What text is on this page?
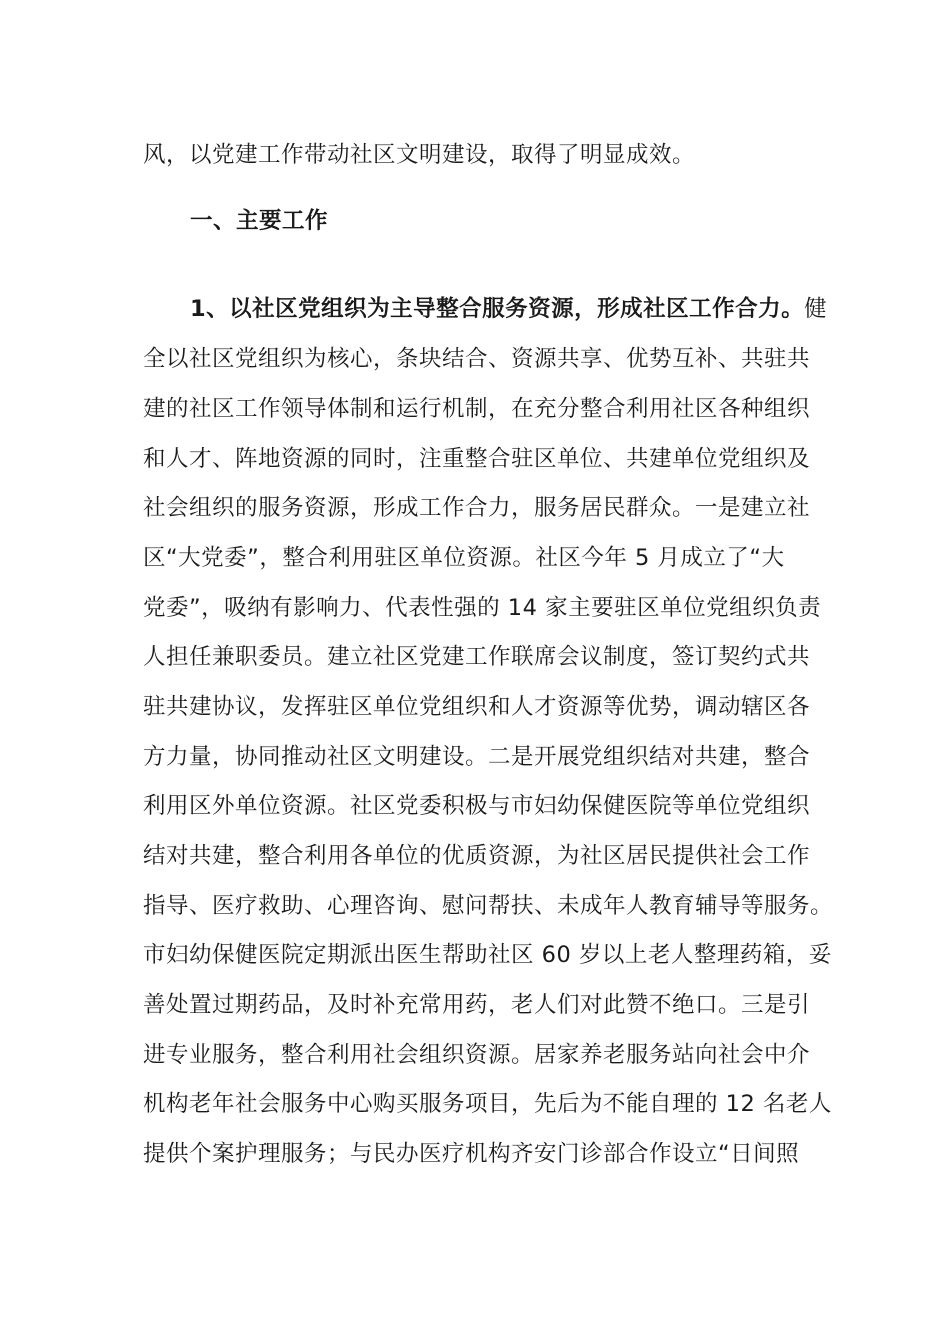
风，以党建工作带动社区文明建设，取得了明显成效。
一、主要工作
1、以社区党组织为主导整合服务资源，形成社区工作合力。健
全以社区党组织为核心，条块结合、资源共享、优势互补、共驻共
建的社区工作领导体制和运行机制，在充分整合利用社区各种组织
和人才、阵地资源的同时，注重整合驻区单位、共建单位党组织及
社会组织的服务资源，形成工作合力，服务居民群众。一是建立社
区“大党委”，整合利用驻区单位资源。社区今年 5 月成立了“大
党委”，吸纳有影响力、代表性强的 14 家主要驻区单位党组织负责
人担任兼职委员。建立社区党建工作联席会议制度，签订契约式共
驻共建协议，发挥驻区单位党组织和人才资源等优势，调动辖区各
方力量，协同推动社区文明建设。二是开展党组织结对共建，整合
利用区外单位资源。社区党委积极与市妇幼保健医院等单位党组织
结对共建，整合利用各单位的优质资源，为社区居民提供社会工作
指导、医疗救助、心理咨询、慰问帮扶、未成年人教育辅导等服务。
市妇幼保健医院定期派出医生帮助社区 60 岁以上老人整理药箱，妥
善处置过期药品，及时补充常用药，老人们对此赞不绝口。三是引
进专业服务，整合利用社会组织资源。居家养老服务站向社会中介
机构老年社会服务中心购买服务项目，先后为不能自理的 12 名老人
提供个案护理服务；与民办医疗机构齐安门诊部合作设立“日间照
